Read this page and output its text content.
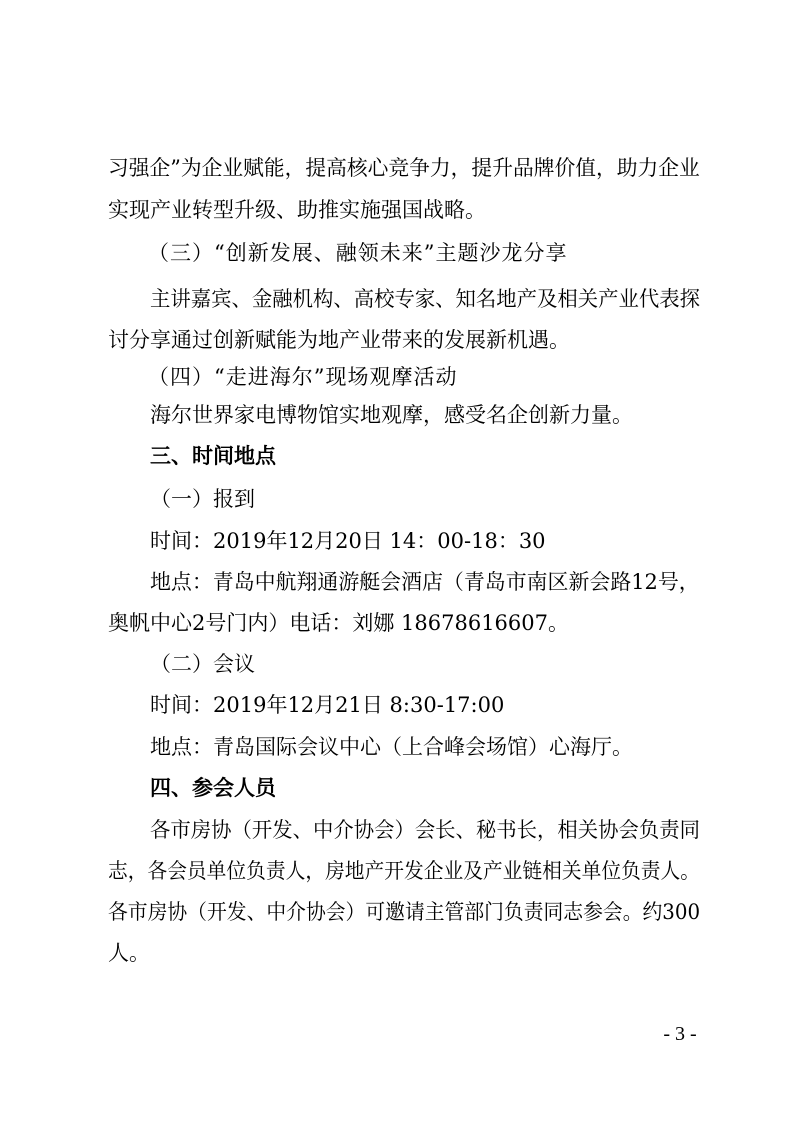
习强企”为企业赋能，提高核心竞争力，提升品牌价值，助力企业
实现产业转型升级、助推实施强国战略。
（三）“创新发展、融领未来”主题沙龙分享
主讲嘉宾、金融机构、高校专家、知名地产及相关产业代表探
讨分享通过创新赋能为地产业带来的发展新机遇。
（四）“走进海尔”现场观摩活动
海尔世界家电博物馆实地观摩，感受名企创新力量。
三、时间地点
（一）报到
时间：2019年12月20日 14：00-18：30
地点：青岛中航翔通游艇会酒店（青岛市南区新会路12号，
奥帆中心2号门内）电话：刘娜 18678616607。
（二）会议
时间：2019年12月21日 8:30-17:00
地点：青岛国际会议中心（上合峰会场馆）心海厅。
四、参会人员
各市房协（开发、中介协会）会长、秘书长，相关协会负责同
志，各会员单位负责人，房地产开发企业及产业链相关单位负责人。
各市房协（开发、中介协会）可邀请主管部门负责同志参会。约300
人。
- 3 -
